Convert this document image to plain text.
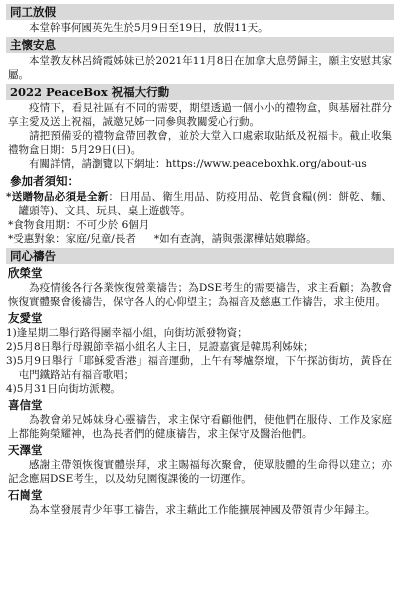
同工放假

本堂幹事何國英先生於5月9日至19日，放假11天。

主懷安息

本堂教友林呂綺霞姊妹已於2021年11月8日在加拿大息勞歸主，願主安慰其家屬。

2022 PeaceBox 祝福大行動

疫情下，看見社區有不同的需要，期望透過一個小小的禮物盒，與基層社群分享主愛及送上祝福，誠邀兄姊一同參與教關愛心行動。

請把預備妥的禮物盒帶回教會，並於大堂入口處索取貼紙及祝福卡。截止收集禮物盒日期：5月29日(日)。

有關詳情，請瀏覽以下網址：https://www.peaceboxhk.org/about-us

參加者須知：

*送贈物品必須是全新：日用品、衛生用品、防疫用品、乾貨食糧(例：餅乾、麵、罐頭等)、文具、玩具、桌上遊戲等。

*食物食用期：不可少於 6個月

*受惠對象：家庭/兒童/長者 *如有查詢，請與張潔樺姑娘聯絡。
同心禱告
欣榮堂

為疫情後各行各業恢復營業禱告；為DSE考生的需要禱告，求主看顧；為教會恢復實體聚會後禱告，保守各人的心仰望主；為福音及慈惠工作禱告，求主使用。

友愛堂

1)逢星期二舉行路得團幸福小組，向街坊派發物資；

2)5月8日舉行母親節幸福小組名人主日，見證嘉賓是韓馬利姊妹；

3)5月9日舉行「耶穌愛香港」福音運動，上午有琴爐祭壇，下午探訪街坊，黃昏在屯門鐵路站有福音歌唱；

4)5月31日向街坊派糭。

喜信堂

為教會弟兄姊妹身心靈禱告，求主保守看顧他們，使他們在服侍、工作及家庭上都能夠榮耀神，也為長者們的健康禱告，求主保守及醫治他們。

天澤堂

感謝主帶領恢復實體崇拜，求主賜福每次聚會，使眾肢體的生命得以建立；亦記念應屆DSE考生，以及幼兒園復課後的一切運作。

石崗堂

為本堂發展青少年事工禱告，求主藉此工作能擴展神國及帶領青少年歸主。
